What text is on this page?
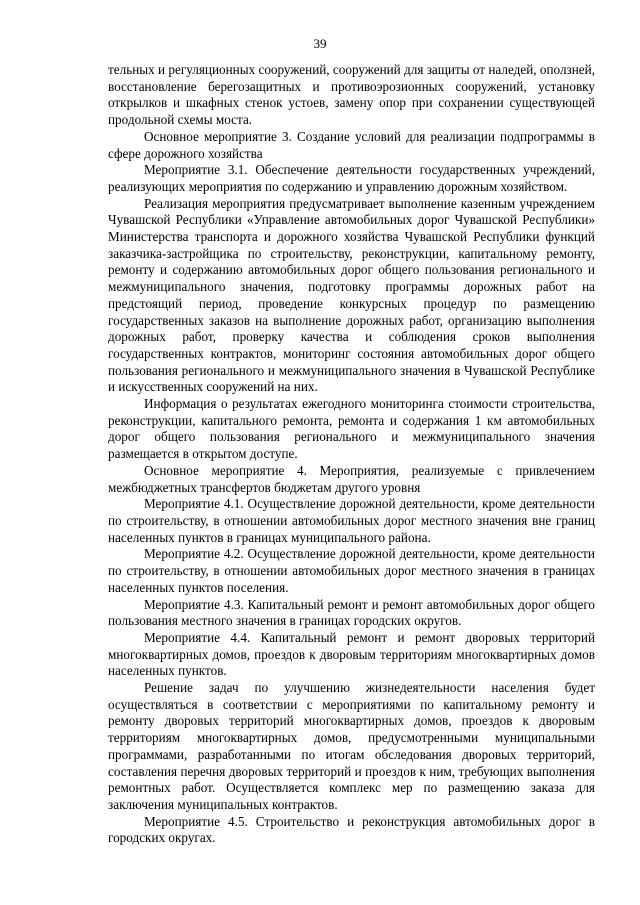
39

тельных и регуляционных сооружений, сооружений для защиты от наледей, оползней, восстановление берегозащитных и противоэрозионных сооружений, установку открылков и шкафных стенок устоев, замену опор при сохранении существующей продольной схемы моста.

Основное мероприятие 3. Создание условий для реализации подпрограммы в сфере дорожного хозяйства

Мероприятие 3.1. Обеспечение деятельности государственных учреждений, реализующих мероприятия по содержанию и управлению дорожным хозяйством.

Реализация мероприятия предусматривает выполнение казенным учреждением Чувашской Республики «Управление автомобильных дорог Чувашской Республики» Министерства транспорта и дорожного хозяйства Чувашской Республики функций заказчика-застройщика по строительству, реконструкции, капитальному ремонту, ремонту и содержанию автомобильных дорог общего пользования регионального и межмуниципального значения, подготовку программы дорожных работ на предстоящий период, проведение конкурсных процедур по размещению государственных заказов на выполнение дорожных работ, организацию выполнения дорожных работ, проверку качества и соблюдения сроков выполнения государственных контрактов, мониторинг состояния автомобильных дорог общего пользования регионального и межмуниципального значения в Чувашской Республике и искусственных сооружений на них.

Информация о результатах ежегодного мониторинга стоимости строительства, реконструкции, капитального ремонта, ремонта и содержания 1 км автомобильных дорог общего пользования регионального и межмуниципального значения размещается в открытом доступе.

Основное мероприятие 4. Мероприятия, реализуемые с привлечением межбюджетных трансфертов бюджетам другого уровня

Мероприятие 4.1. Осуществление дорожной деятельности, кроме деятельности по строительству, в отношении автомобильных дорог местного значения вне границ населенных пунктов в границах муниципального района.

Мероприятие 4.2. Осуществление дорожной деятельности, кроме деятельности по строительству, в отношении автомобильных дорог местного значения в границах населенных пунктов поселения.

Мероприятие 4.3. Капитальный ремонт и ремонт автомобильных дорог общего пользования местного значения в границах городских округов.

Мероприятие 4.4. Капитальный ремонт и ремонт дворовых территорий многоквартирных домов, проездов к дворовым территориям многоквартирных домов населенных пунктов.

Решение задач по улучшению жизнедеятельности населения будет осуществляться в соответствии с мероприятиями по капитальному ремонту и ремонту дворовых территорий многоквартирных домов, проездов к дворовым территориям многоквартирных домов, предусмотренными муниципальными программами, разработанными по итогам обследования дворовых территорий, составления перечня дворовых территорий и проездов к ним, требующих выполнения ремонтных работ. Осуществляется комплекс мер по размещению заказа для заключения муниципальных контрактов.

Мероприятие 4.5. Строительство и реконструкция автомобильных дорог в городских округах.
